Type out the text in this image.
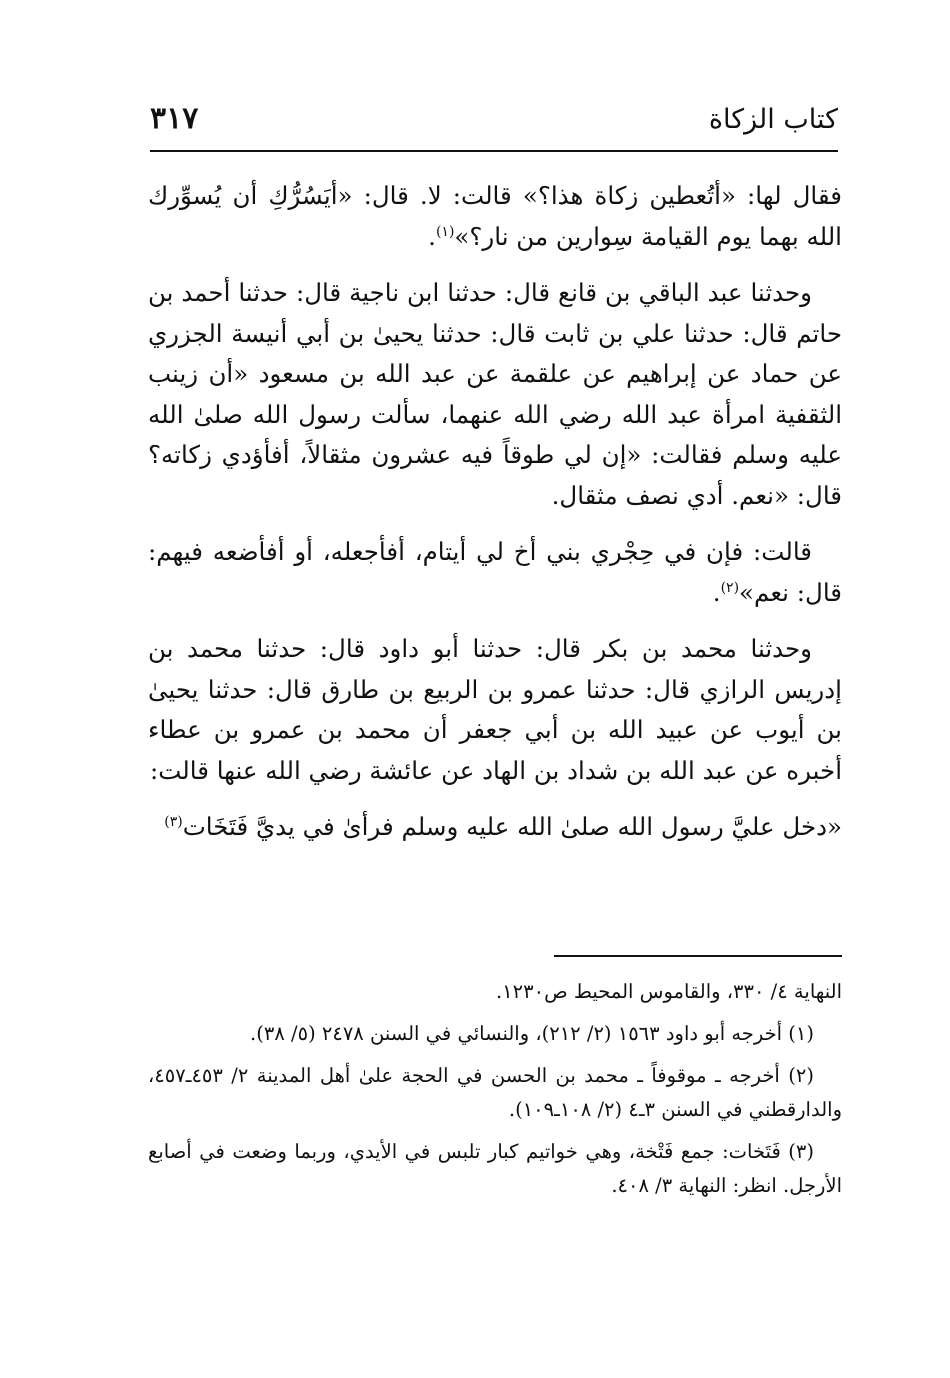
كتاب الزكاة
٣١٧

فقال لها: «أتُعطين زكاة هذا؟» قالت: لا. قال: «أيَسُرُّكِ أن يُسوِّرك الله بهما يوم القيامة سِوارين من نار؟»$^{(١)}$.

وحدثنا عبد الباقي بن قانع قال: حدثنا ابن ناجية قال: حدثنا أحمد بن حاتم قال: حدثنا علي بن ثابت قال: حدثنا يحيىٰ بن أبي أنيسة الجزري عن حماد عن إبراهيم عن علقمة عن عبد الله بن مسعود «أن زينب الثقفية امرأة عبد الله رضي الله عنهما، سألت رسول الله صلىٰ الله عليه وسلم فقالت: «إن لي طوقاً فيه عشرون مثقالاً، أفأؤدي زكاته؟ قال: «نعم. أدي نصف مثقال.

قالت: فإن في حِجْري بني أخ لي أيتام، أفأجعله، أو أفأضعه فيهم: قال: نعم»$^{(٢)}$.

وحدثنا محمد بن بكر قال: حدثنا أبو داود قال: حدثنا محمد بن إدريس الرازي قال: حدثنا عمرو بن الربيع بن طارق قال: حدثنا يحيىٰ بن أيوب عن عبيد الله بن أبي جعفر أن محمد بن عمرو بن عطاء أخبره عن عبد الله بن شداد بن الهاد عن عائشة رضي الله عنها قالت:

«دخل عليَّ رسول الله صلىٰ الله عليه وسلم فرأىٰ في يديَّ فَتَخَات$^{(٣)}$

النهاية ٤/ ٣٣٠، والقاموس المحيط ص١٢٣٠.

(١) أخرجه أبو داود ١٥٦٣ (٢/ ٢١٢)، والنسائي في السنن ٢٤٧٨ (٥/ ٣٨).

(٢) أخرجه ـ موقوفاً ـ محمد بن الحسن في الحجة علىٰ أهل المدينة ٢/ ٤٥٣ـ٤٥٧، والدارقطني في السنن ٣ـ٤ (٢/ ١٠٨ـ١٠٩).

(٣) فَتَخات: جمع فَتْخة، وهي خواتيم كبار تلبس في الأيدي، وربما وضعت في أصابع الأرجل. انظر: النهاية ٣/ ٤٠٨.
